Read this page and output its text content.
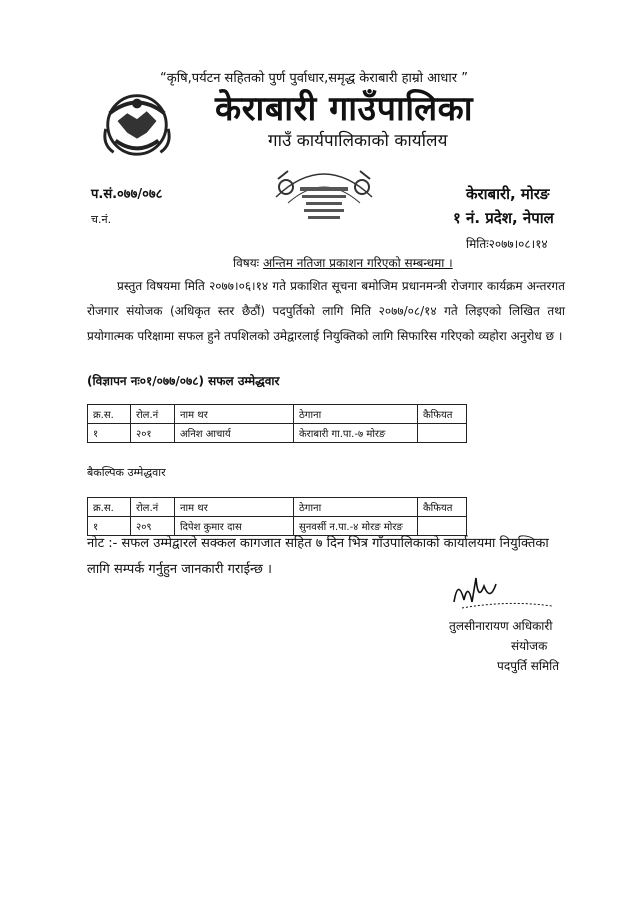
“कृषि,पर्यटन सहितको पुर्ण पुर्वाधार,समृद्ध केराबारी हाम्रो आधार ”
केराबारी गाउँपालिका
गाउँ कार्यपालिकाको कार्यालय
प.सं.०७७/०७८
च.नं.
केराबारी, मोरङ
१ नं. प्रदेश, नेपाल
मितिः२०७७।०८।१४
विषयः अन्तिम नतिजा प्रकाशन गरिएको सम्बन्धमा ।
प्रस्तुत विषयमा मिति २०७७।०६।१४ गते प्रकाशित सूचना बमोजिम प्रधानमन्त्री रोजगार कार्यक्रम अन्तरगत रोजगार संयोजक (अधिकृत स्तर छैठौं) पदपुर्तिको लागि मिति २०७७/०८/१४ गते लिइएको लिखित तथा प्रयोगात्मक परिक्षामा सफल हुने तपशिलको उमेद्वारलाई नियुक्तिको लागि सिफारिस गरिएको व्यहोरा अनुरोध छ ।
(विज्ञापन नः०१/०७७/०७८) सफल उम्मेद्धवार
क्र.स.	रोल.नं	नाम थर	ठेगाना	कैफियत
१	२०१	अनिश आचार्य	केराबारी गा.पा.-७ मोरङ	
बैकल्पिक उम्मेद्धवार
क्र.स.	रोल.नं	नाम थर	ठेगाना	कैफियत
१	२०९	दिपेश कुमार दास	सुनवर्सी न.पा.-४ मोरङ मोरङ	
नोट :- सफल उम्मेद्वारले सक्कल कागजात सहित ७ दिन भित्र गाँउपालिकाको कार्यालयमा नियुक्तिका लागि सम्पर्क गर्नुहुन जानकारी गराईन्छ ।
तुलसीनारायण अधिकारी
संयोजक
पदपुर्ति समिति
